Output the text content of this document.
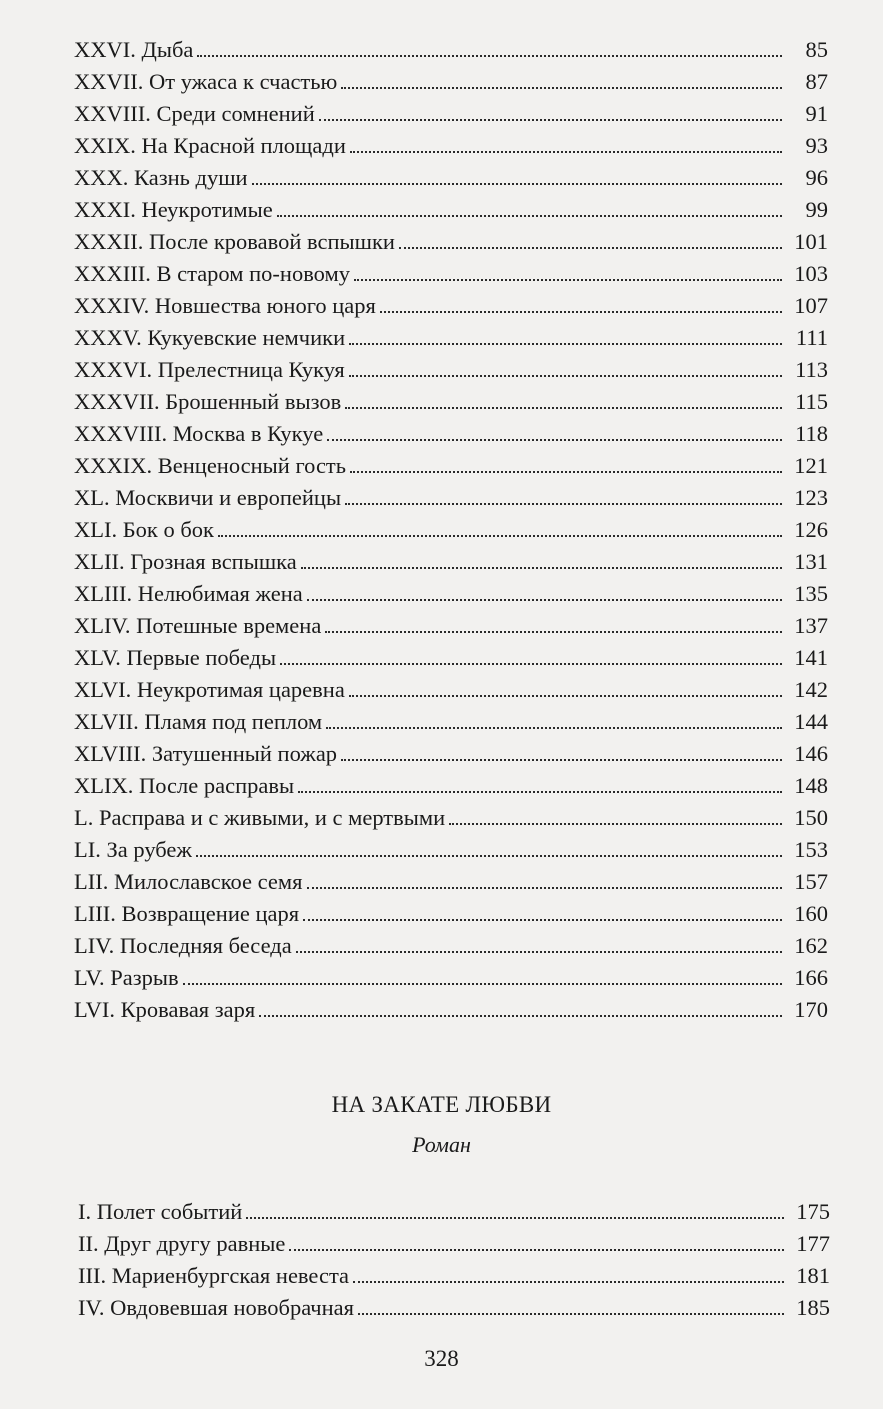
XXVI. Дыба	85
XXVII. От ужаса к счастью	87
XXVIII. Среди сомнений	91
XXIX. На Красной площади	93
XXX. Казнь души	96
XXXI. Неукротимые	99
XXXII. После кровавой вспышки	101
XXXIII. В старом по-новому	103
XXXIV. Новшества юного царя	107
XXXV. Кукуевские немчики	111
XXXVI. Прелестница Кукуя	113
XXXVII. Брошенный вызов	115
XXXVIII. Москва в Кукуе	118
XXXIX. Венценосный гость	121
XL. Москвичи и европейцы	123
XLI. Бок о бок	126
XLII. Грозная вспышка	131
XLIII. Нелюбимая жена	135
XLIV. Потешные времена	137
XLV. Первые победы	141
XLVI. Неукротимая царевна	142
XLVII. Пламя под пеплом	144
XLVIII. Затушенный пожар	146
XLIX. После расправы	148
L. Расправа и с живыми, и с мертвыми	150
LI. За рубеж	153
LII. Милославское семя	157
LIII. Возвращение царя	160
LIV. Последняя беседа	162
LV. Разрыв	166
LVI. Кровавая заря	170
НА ЗАКАТЕ ЛЮБВИ
Роман
I. Полет событий	175
II. Друг другу равные	177
III. Мариенбургская невеста	181
IV. Овдовевшая новобрачная	185
328
